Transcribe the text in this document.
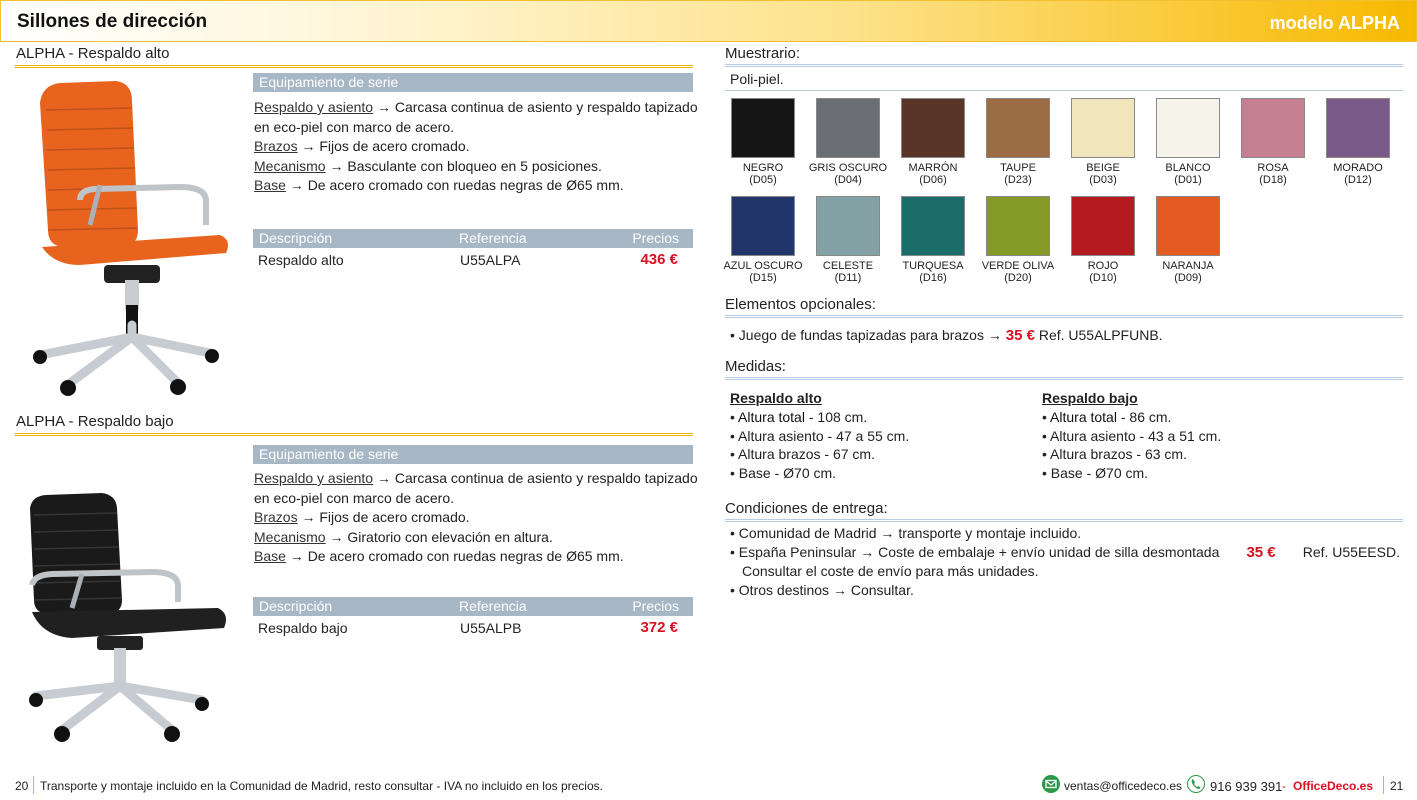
Sillones de dirección	modelo ALPHA
ALPHA - Respaldo alto
Equipamiento de serie
Respaldo y asiento → Carcasa continua de asiento y respaldo tapizado en eco-piel con marco de acero.
Brazos → Fijos de acero cromado.
Mecanismo → Basculante con bloqueo en 5 posiciones.
Base → De acero cromado con ruedas negras de Ø65 mm.
Descripción	Referencia	Precios
Respaldo alto	U55ALPA	436 €
ALPHA - Respaldo bajo
Equipamiento de serie
Respaldo y asiento → Carcasa continua de asiento y respaldo tapizado en eco-piel con marco de acero.
Brazos → Fijos de acero cromado.
Mecanismo → Giratorio con elevación en altura.
Base → De acero cromado con ruedas negras de Ø65 mm.
Descripción	Referencia	Precios
Respaldo bajo	U55ALPB	372 €
Muestrario:
Poli-piel.
NEGRO
(D05)
GRIS OSCURO
(D04)
MARRÓN
(D06)
TAUPE
(D23)
BEIGE
(D03)
BLANCO
(D01)
ROSA
(D18)
MORADO
(D12)
AZUL OSCURO
(D15)
CELESTE
(D11)
TURQUESA
(D16)
VERDE OLIVA
(D20)
ROJO
(D10)
NARANJA
(D09)
Elementos opcionales:
• Juego de fundas tapizadas para brazos → 35 € Ref. U55ALPFUNB.
Medidas:
Respaldo alto
• Altura total - 108 cm.
• Altura asiento - 47 a 55 cm.
• Altura brazos - 67 cm.
• Base - Ø70 cm.
Respaldo bajo
• Altura total - 86 cm.
• Altura asiento - 43 a 51 cm.
• Altura brazos - 63 cm.
• Base - Ø70 cm.
Condiciones de entrega:
• Comunidad de Madrid → transporte y montaje incluido.
• España Peninsular → Coste de embalaje + envío unidad de silla desmontada 35 € Ref. U55EESD.
Consultar el coste de envío para más unidades.
• Otros destinos → Consultar.
20 Transporte y montaje incluido en la Comunidad de Madrid, resto consultar - IVA no incluido en los precios.	ventas@officedeco.es 916 939 391 - OfficeDeco.es 21
